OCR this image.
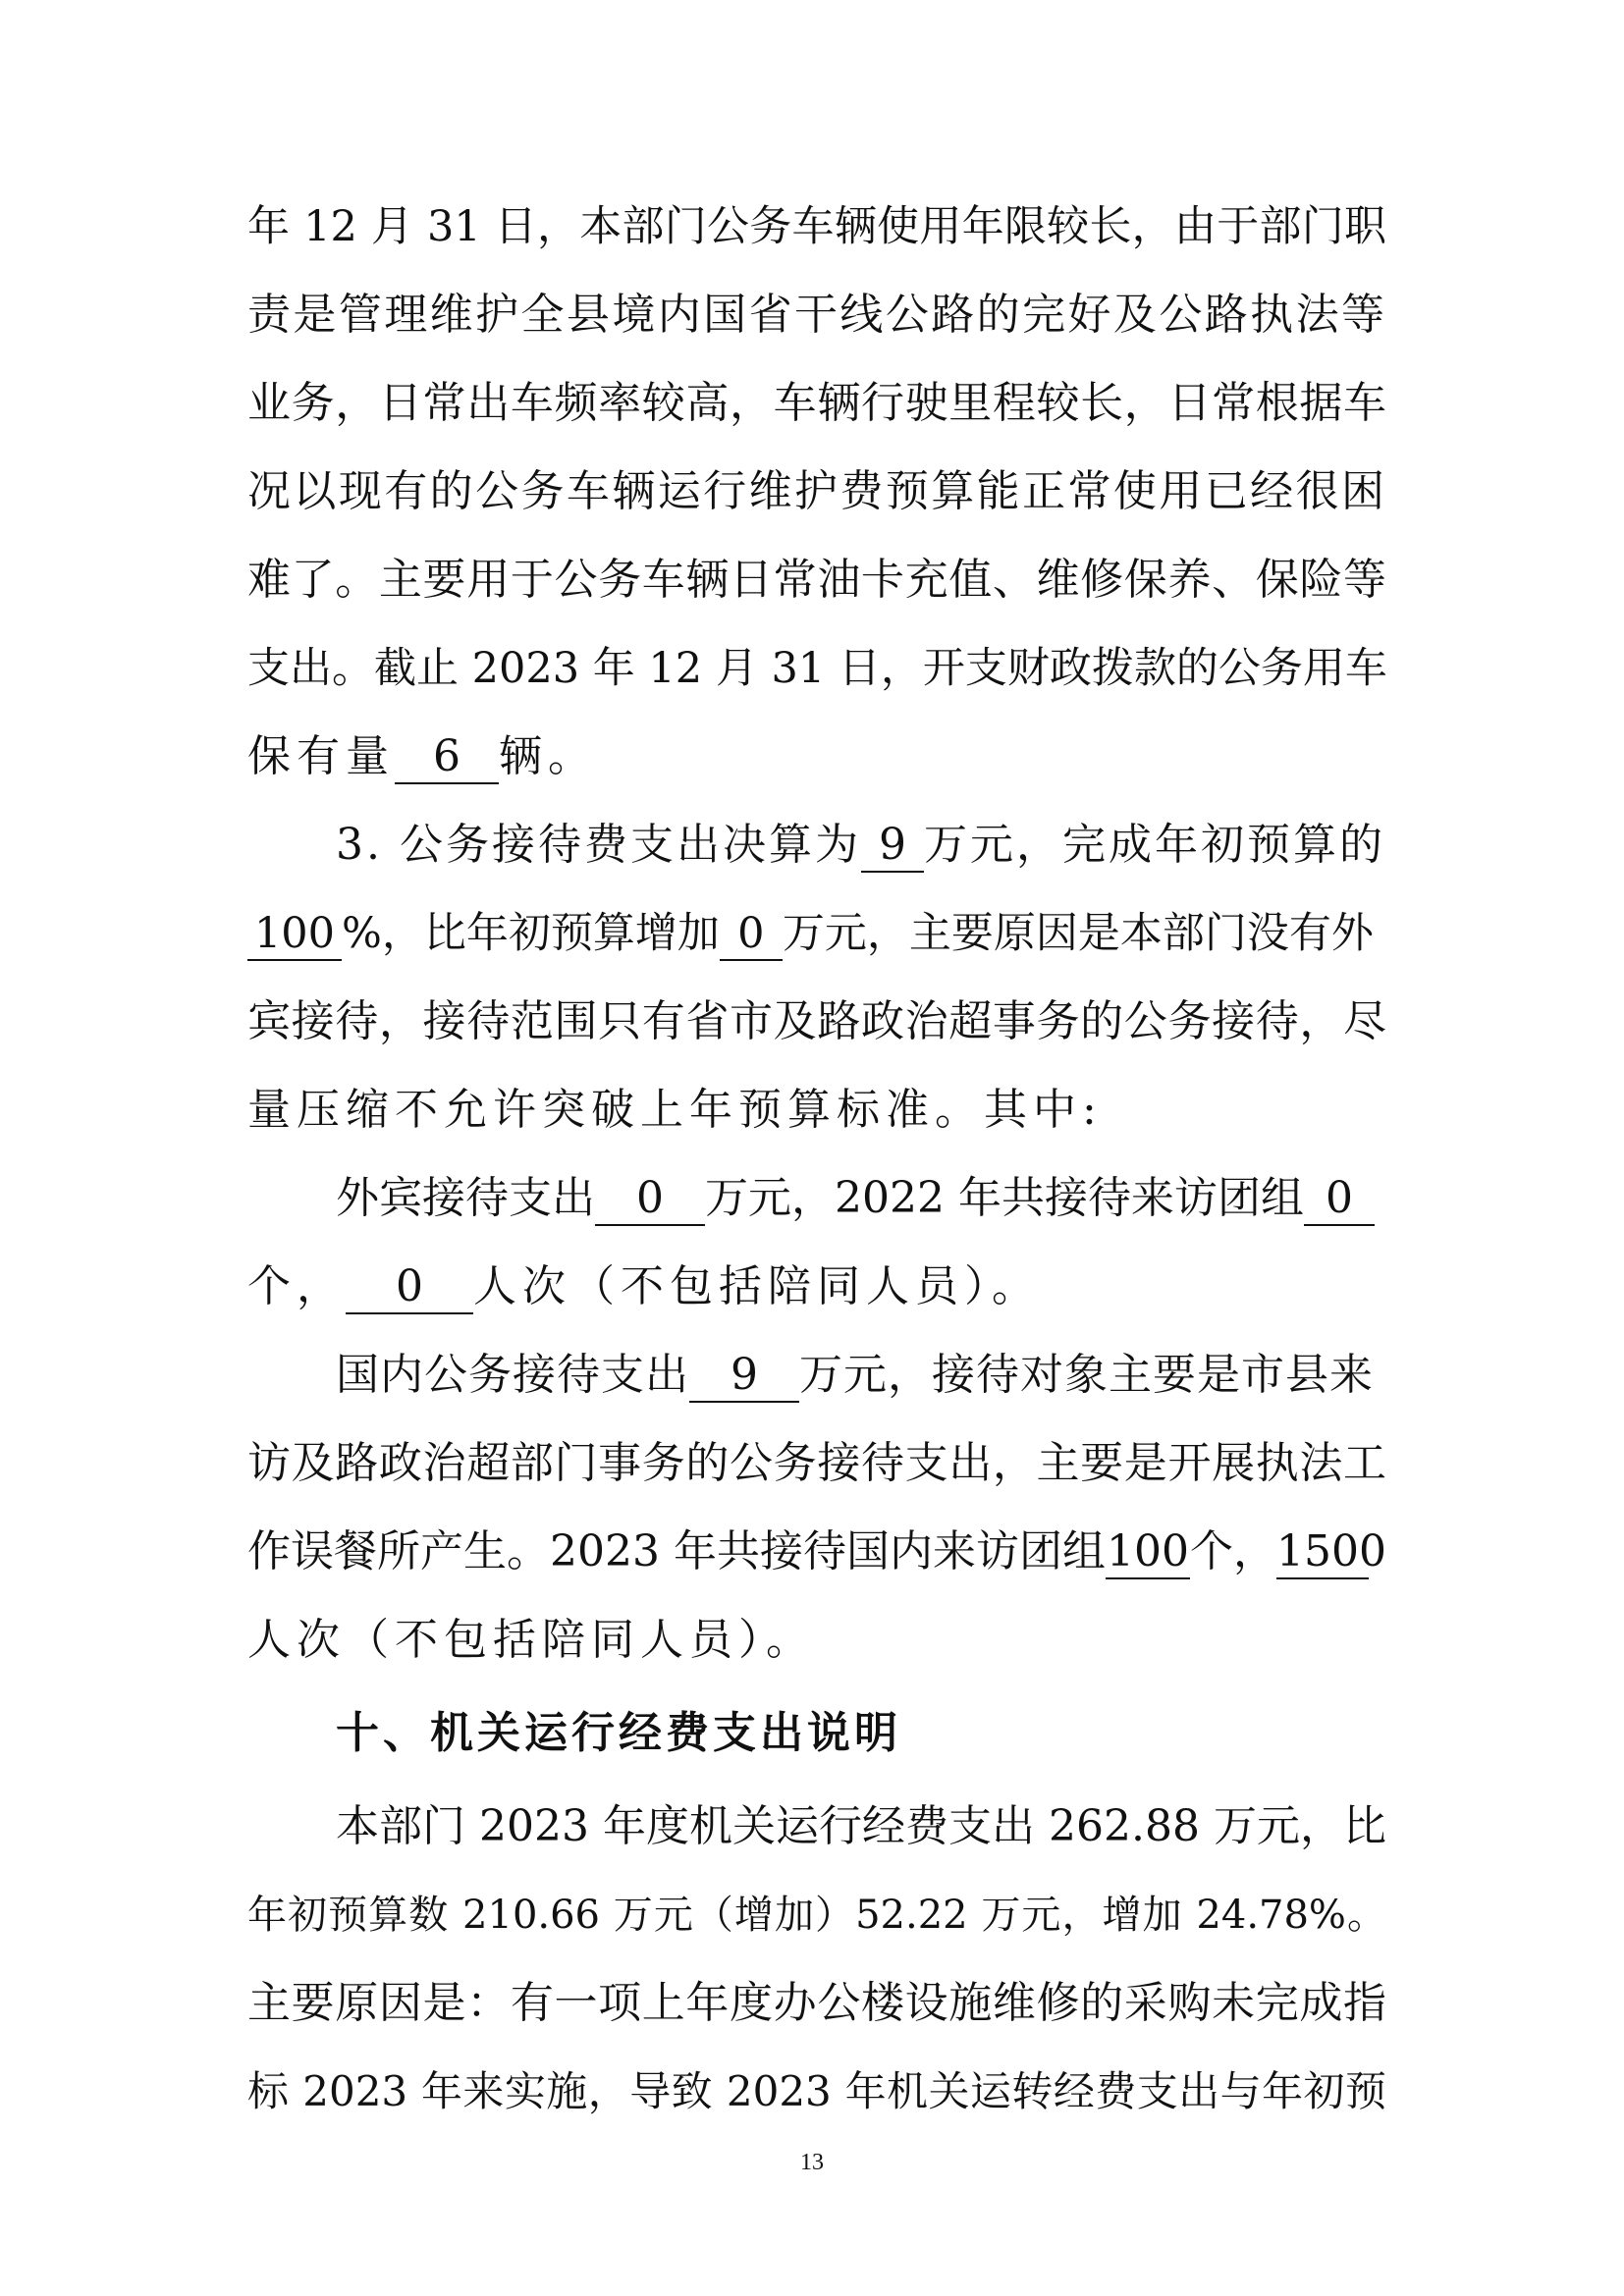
年 12 月 31 日，本部门公务车辆使用年限较长，由于部门职
责是管理维护全县境内国省干线公路的完好及公路执法等
业务，日常出车频率较高，车辆行驶里程较长，日常根据车
况以现有的公务车辆运行维护费预算能正常使用已经很困
难了。主要用于公务车辆日常油卡充值、维修保养、保险等
支出。截止 2023 年 12 月 31 日，开支财政拨款的公务用车
保有量 6 辆。
3. 公务接待费支出决算为 9 万元，完成年初预算的
100 %，比年初预算增加 0 万元，主要原因是本部门没有外
宾接待，接待范围只有省市及路政治超事务的公务接待，尽
量压缩不允许突破上年预算标准。其中:
外宾接待支出 0 万元，2022 年共接待来访团组 0
个， 0 人次（不包括陪同人员）。
国内公务接待支出 9 万元，接待对象主要是市县来
访及路政治超部门事务的公务接待支出，主要是开展执法工
作误餐所产生。2023 年共接待国内来访团组100个，1500
人次（不包括陪同人员）。
十、机关运行经费支出说明
本部门 2023 年度机关运行经费支出 262.88 万元，比
年初预算数 210.66 万元（增加）52.22 万元，增加 24.78%。
主要原因是：有一项上年度办公楼设施维修的采购未完成指
标 2023 年来实施，导致 2023 年机关运转经费支出与年初预
13
